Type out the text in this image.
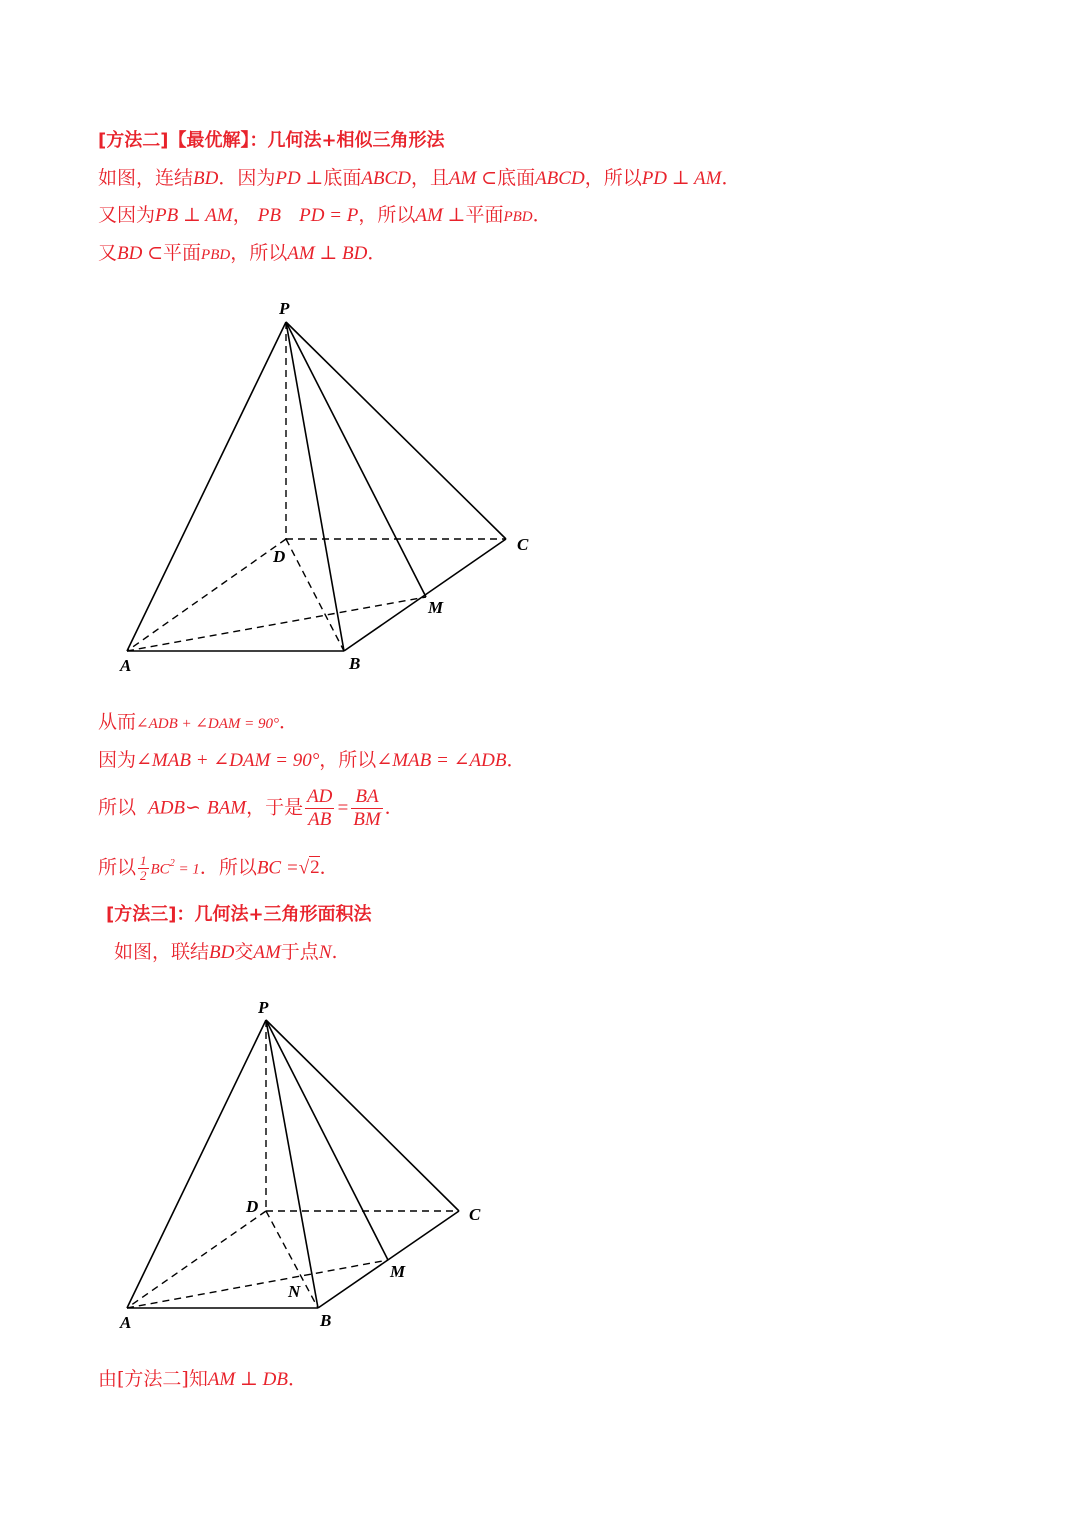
[方法二]【最优解】：几何法+相似三角形法
如图，连结BD．因为PD ⊥底面ABCD，且AM ⊂底面ABCD，所以PD ⊥ AM．
又因为PB ⊥ AM， PB PD = P，所以AM ⊥平面PBD．
又BD ⊂平面PBD，所以AM ⊥ BD．
P
A	B
C
D
M
P
A	B
C
D
M
N
从而∠ADB + ∠DAM = 90°．
因为∠MAB + ∠DAM = 90°，所以∠MAB = ∠ADB．
所以 ADB∽ BAM，于是 $\frac{AD}{AB} = \frac{BA}{BM}$ ．
所以 $\frac{1}{2} BC^2 = 1$．所以BC =√2．
[方法三]：几何法+三角形面积法
如图，联结BD交AM于点N.
由[方法二]知AM ⊥ DB．
